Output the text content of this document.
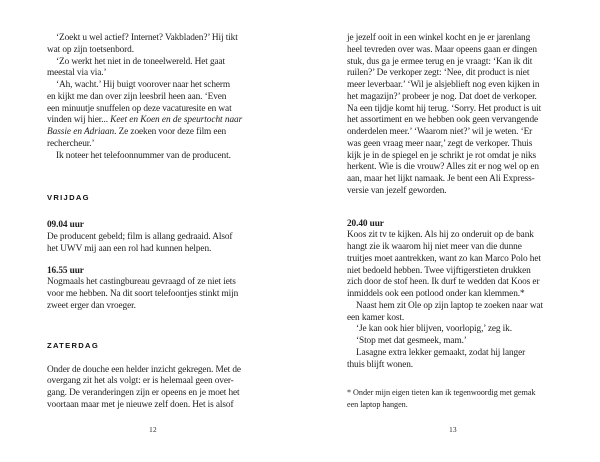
‘Zoekt u wel actief? Internet? Vakbladen?’ Hij tikt
wat op zijn toetsenbord.
‘Zo werkt het niet in de toneelwereld. Het gaat
meestal via via.’
‘Ah, wacht.’ Hij buigt voorover naar het scherm
en kijkt me dan over zijn leesbril heen aan. ‘Even
een minuutje snuffelen op deze vacaturesite en wat
vinden wij hier... Keet en Koen en de speurtocht naar
Bassie en Adriaan. Ze zoeken voor deze film een
rechercheur.’
Ik noteer het telefoonnummer van de producent.
VRIJDAG
09.04 uur
De producent gebeld; film is allang gedraaid. Alsof
het UWV mij aan een rol had kunnen helpen.
16.55 uur
Nogmaals het castingbureau gevraagd of ze niet iets
voor me hebben. Na dit soort telefoontjes stinkt mijn
zweet erger dan vroeger.
ZATERDAG
Onder de douche een helder inzicht gekregen. Met de
overgang zit het als volgt: er is helemaal geen over-
gang. De veranderingen zijn er opeens en je moet het
voortaan maar met je nieuwe zelf doen. Het is alsof
12
je jezelf ooit in een winkel kocht en je er jarenlang
heel tevreden over was. Maar opeens gaan er dingen
stuk, dus ga je ermee terug en je vraagt: ‘Kan ik dit
ruilen?’ De verkoper zegt: ‘Nee, dit product is niet
meer leverbaar.’ ‘Wil je alsjeblieft nog even kijken in
het magazijn?’ probeer je nog. Dat doet de verkoper.
Na een tijdje komt hij terug. ‘Sorry. Het product is uit
het assortiment en we hebben ook geen vervangende
onderdelen meer.’ ‘Waarom niet?’ wil je weten. ‘Er
was geen vraag meer naar,’ zegt de verkoper. Thuis
kijk je in de spiegel en je schrikt je rot omdat je niks
herkent. Wie is die vrouw? Alles zit er nog wel op en
aan, maar het lijkt namaak. Je bent een Ali Express-
versie van jezelf geworden.
20.40 uur
Koos zit tv te kijken. Als hij zo onderuit op de bank
hangt zie ik waarom hij niet meer van die dunne
truitjes moet aantrekken, want zo kan Marco Polo het
niet bedoeld hebben. Twee vijftigerstieten drukken
zich door de stof heen. Ik durf te wedden dat Koos er
inmiddels ook een potlood onder kan klemmen.*
Naast hem zit Ole op zijn laptop te zoeken naar wat
een kamer kost.
‘Je kan ook hier blijven, voorlopig,’ zeg ik.
‘Stop met dat gesmeek, mam.’
Lasagne extra lekker gemaakt, zodat hij langer
thuis blijft wonen.
* Onder mijn eigen tieten kan ik tegenwoordig met gemak
een laptop hangen.
13
